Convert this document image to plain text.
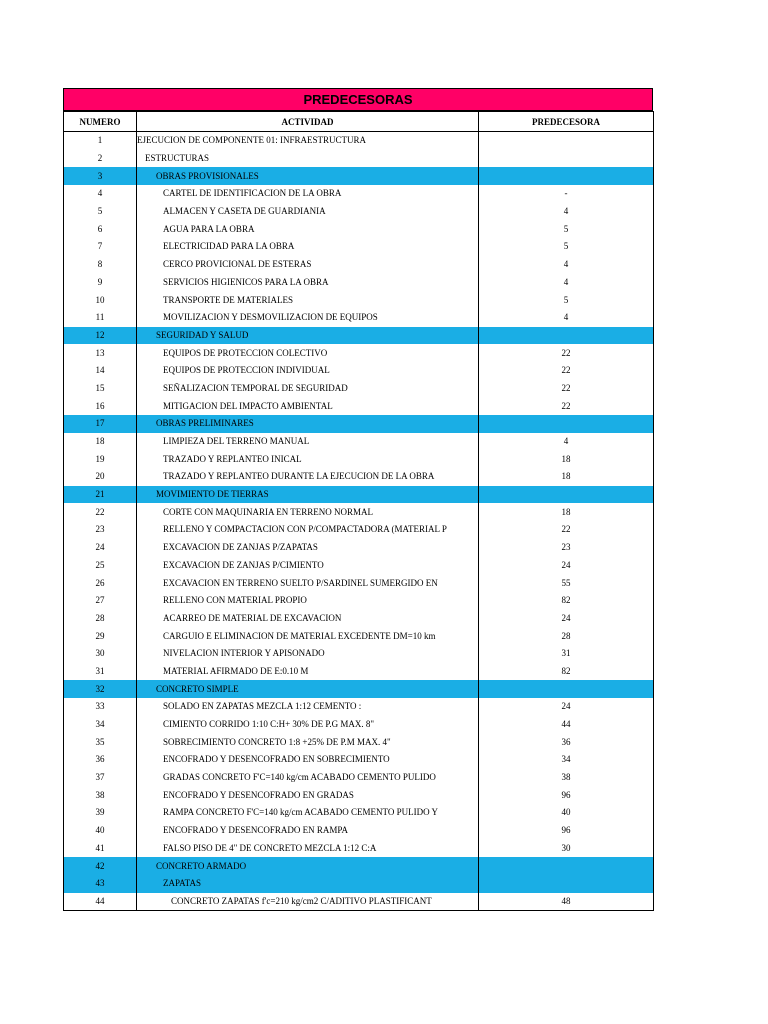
PREDECESORAS
NUMERO	ACTIVIDAD	PREDECESORA
1	EJECUCION DE COMPONENTE 01: INFRAESTRUCTURA	
2	ESTRUCTURAS	
3	OBRAS PROVISIONALES	
4	CARTEL DE IDENTIFICACION DE LA OBRA	-
5	ALMACEN Y CASETA DE GUARDIANIA	4
6	AGUA PARA LA OBRA	5
7	ELECTRICIDAD PARA LA OBRA	5
8	CERCO PROVICIONAL DE ESTERAS	4
9	SERVICIOS HIGIENICOS PARA LA OBRA	4
10	TRANSPORTE DE MATERIALES	5
11	MOVILIZACION Y DESMOVILIZACION DE EQUIPOS	4
12	SEGURIDAD Y SALUD	
13	EQUIPOS DE PROTECCION COLECTIVO	22
14	EQUIPOS DE PROTECCION INDIVIDUAL	22
15	SEÑALIZACION TEMPORAL DE SEGURIDAD	22
16	MITIGACION DEL IMPACTO AMBIENTAL	22
17	OBRAS PRELIMINARES	
18	LIMPIEZA DEL TERRENO MANUAL	4
19	TRAZADO Y REPLANTEO INICAL	18
20	TRAZADO Y REPLANTEO DURANTE LA EJECUCION DE LA OBRA	18
21	MOVIMIENTO DE TIERRAS	
22	CORTE CON MAQUINARIA EN TERRENO NORMAL	18
23	RELLENO Y COMPACTACION CON P/COMPACTADORA (MATERIAL P	22
24	EXCAVACION DE ZANJAS P/ZAPATAS	23
25	EXCAVACION DE ZANJAS P/CIMIENTO	24
26	EXCAVACION EN TERRENO SUELTO P/SARDINEL SUMERGIDO EN	55
27	RELLENO CON MATERIAL PROPIO	82
28	ACARREO DE MATERIAL DE EXCAVACION	24
29	CARGUIO E ELIMINACION DE MATERIAL EXCEDENTE DM=10 km	28
30	NIVELACION INTERIOR Y APISONADO	31
31	MATERIAL AFIRMADO DE E:0.10 M	82
32	CONCRETO SIMPLE	
33	SOLADO EN ZAPATAS MEZCLA 1:12 CEMENTO :	24
34	CIMIENTO CORRIDO 1:10 C:H+ 30% DE P.G MAX. 8"	44
35	SOBRECIMIENTO CONCRETO 1:8 +25% DE P.M MAX. 4"	36
36	ENCOFRADO Y DESENCOFRADO EN SOBRECIMIENTO	34
37	GRADAS CONCRETO F'C=140 kg/cm ACABADO CEMENTO PULIDO	38
38	ENCOFRADO Y DESENCOFRADO EN GRADAS	96
39	RAMPA CONCRETO F'C=140 kg/cm ACABADO CEMENTO PULIDO Y	40
40	ENCOFRADO Y DESENCOFRADO EN RAMPA	96
41	FALSO PISO DE 4" DE CONCRETO MEZCLA 1:12 C:A	30
42	CONCRETO ARMADO	
43	ZAPATAS	
44	CONCRETO ZAPATAS f'c=210 kg/cm2 C/ADITIVO PLASTIFICANT	48
